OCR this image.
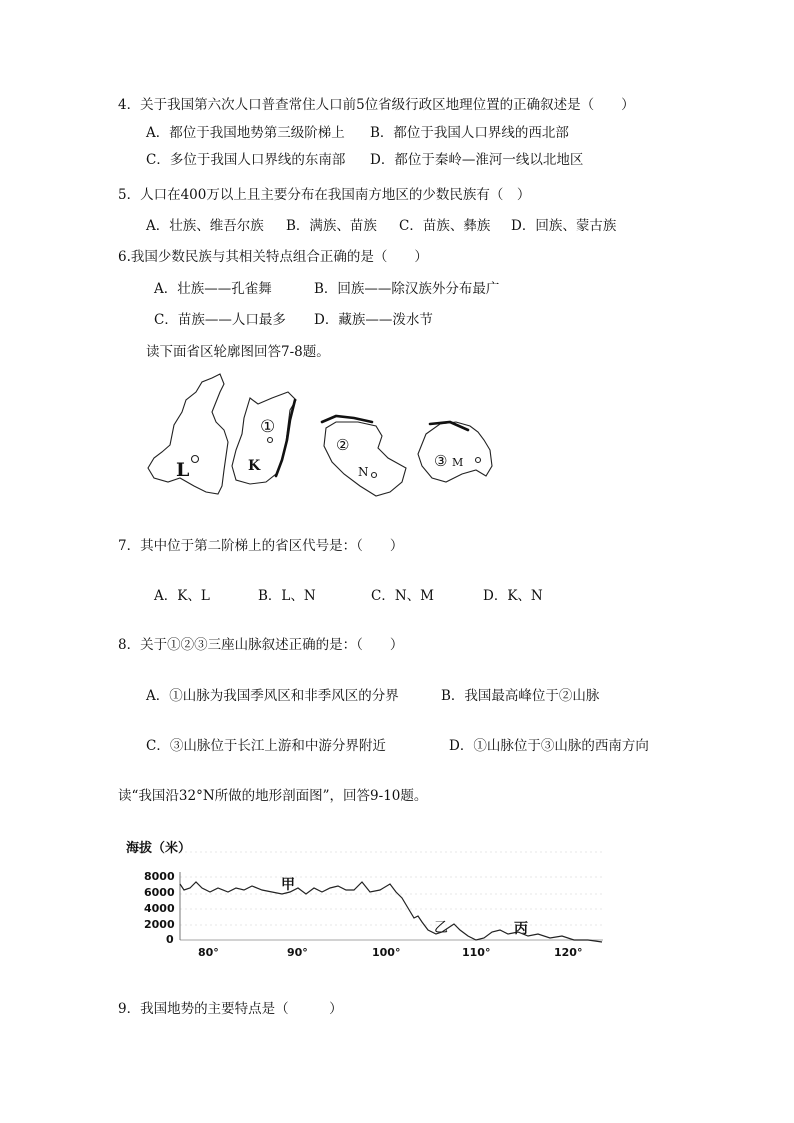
4．关于我国第六次人口普查常住人口前5位省级行政区地理位置的正确叙述是（　　）
A．都位于我国地势第三级阶梯上 B．都位于我国人口界线的西北部
C．多位于我国人口界线的东南部 D．都位于秦岭—淮河一线以北地区
5．人口在400万以上且主要分布在我国南方地区的少数民族有（　）
A．壮族、维吾尔族 B．满族、苗族 C．苗族、彝族 D．回族、蒙古族
6.我国少数民族与其相关特点组合正确的是（　　）
A．壮族——孔雀舞	B．回族——除汉族外分布最广
C．苗族——人口最多 D．藏族——泼水节
读下面省区轮廓图回答7-8题。
L	K	N
M
①
②
③
7．其中位于第二阶梯上的省区代号是：（　　）
A．K、L	B．L、N	C．N、M	D．K、N
8．关于①②③三座山脉叙述正确的是：（　　）
A．①山脉为我国季风区和非季风区的分界	B．我国最高峰位于②山脉
C．③山脉位于长江上游和中游分界附近	D．①山脉位于③山脉的西南方向
读“我国沿32°N所做的地形剖面图”，回答9-10题。
海拔（米）
8000
6000
4000
2000
0
80°	90°	100°	110°	120°
甲
乙	丙
9．我国地势的主要特点是（　　　）
